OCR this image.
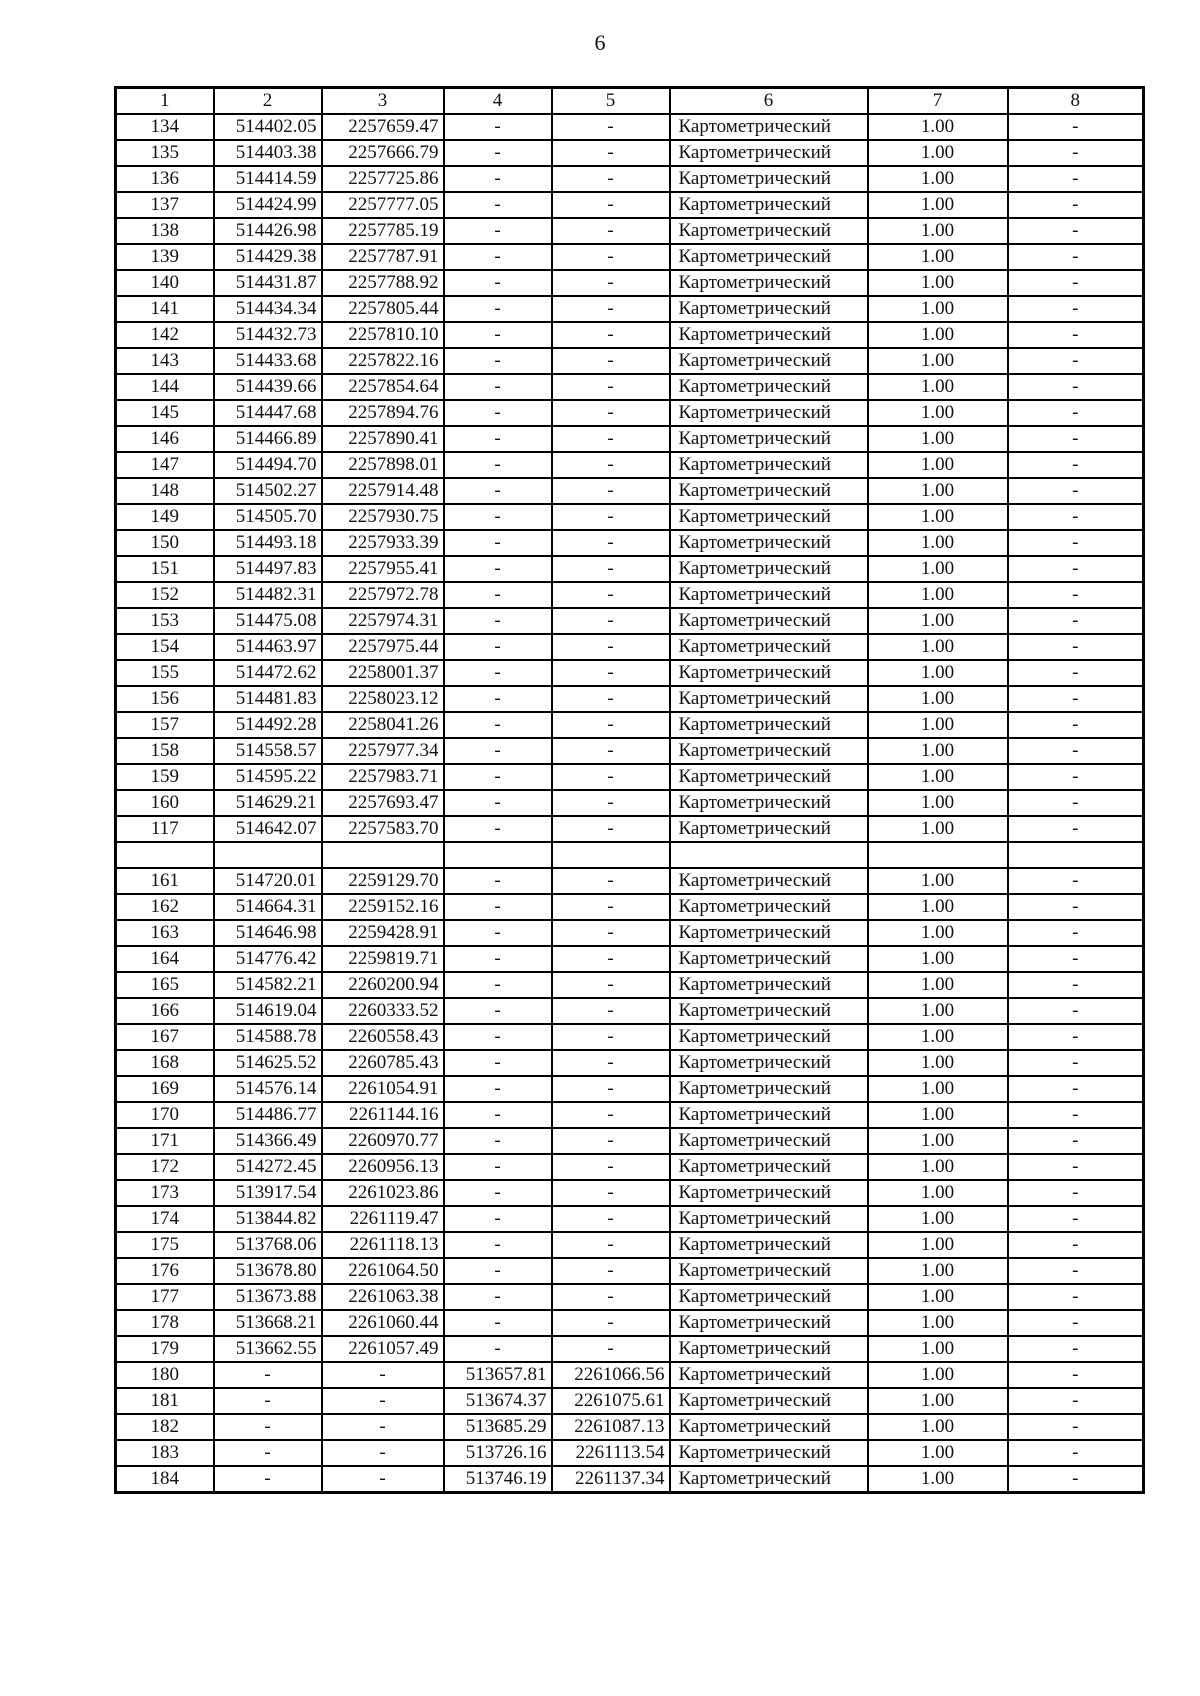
6
1	2	3	4	5	6	7	8
134	514402.05	2257659.47	-	-	Картометрический	1.00	-
135	514403.38	2257666.79	-	-	Картометрический	1.00	-
136	514414.59	2257725.86	-	-	Картометрический	1.00	-
137	514424.99	2257777.05	-	-	Картометрический	1.00	-
138	514426.98	2257785.19	-	-	Картометрический	1.00	-
139	514429.38	2257787.91	-	-	Картометрический	1.00	-
140	514431.87	2257788.92	-	-	Картометрический	1.00	-
141	514434.34	2257805.44	-	-	Картометрический	1.00	-
142	514432.73	2257810.10	-	-	Картометрический	1.00	-
143	514433.68	2257822.16	-	-	Картометрический	1.00	-
144	514439.66	2257854.64	-	-	Картометрический	1.00	-
145	514447.68	2257894.76	-	-	Картометрический	1.00	-
146	514466.89	2257890.41	-	-	Картометрический	1.00	-
147	514494.70	2257898.01	-	-	Картометрический	1.00	-
148	514502.27	2257914.48	-	-	Картометрический	1.00	-
149	514505.70	2257930.75	-	-	Картометрический	1.00	-
150	514493.18	2257933.39	-	-	Картометрический	1.00	-
151	514497.83	2257955.41	-	-	Картометрический	1.00	-
152	514482.31	2257972.78	-	-	Картометрический	1.00	-
153	514475.08	2257974.31	-	-	Картометрический	1.00	-
154	514463.97	2257975.44	-	-	Картометрический	1.00	-
155	514472.62	2258001.37	-	-	Картометрический	1.00	-
156	514481.83	2258023.12	-	-	Картометрический	1.00	-
157	514492.28	2258041.26	-	-	Картометрический	1.00	-
158	514558.57	2257977.34	-	-	Картометрический	1.00	-
159	514595.22	2257983.71	-	-	Картометрический	1.00	-
160	514629.21	2257693.47	-	-	Картометрический	1.00	-
117	514642.07	2257583.70	-	-	Картометрический	1.00	-

161	514720.01	2259129.70	-	-	Картометрический	1.00	-
162	514664.31	2259152.16	-	-	Картометрический	1.00	-
163	514646.98	2259428.91	-	-	Картометрический	1.00	-
164	514776.42	2259819.71	-	-	Картометрический	1.00	-
165	514582.21	2260200.94	-	-	Картометрический	1.00	-
166	514619.04	2260333.52	-	-	Картометрический	1.00	-
167	514588.78	2260558.43	-	-	Картометрический	1.00	-
168	514625.52	2260785.43	-	-	Картометрический	1.00	-
169	514576.14	2261054.91	-	-	Картометрический	1.00	-
170	514486.77	2261144.16	-	-	Картометрический	1.00	-
171	514366.49	2260970.77	-	-	Картометрический	1.00	-
172	514272.45	2260956.13	-	-	Картометрический	1.00	-
173	513917.54	2261023.86	-	-	Картометрический	1.00	-
174	513844.82	2261119.47	-	-	Картометрический	1.00	-
175	513768.06	2261118.13	-	-	Картометрический	1.00	-
176	513678.80	2261064.50	-	-	Картометрический	1.00	-
177	513673.88	2261063.38	-	-	Картометрический	1.00	-
178	513668.21	2261060.44	-	-	Картометрический	1.00	-
179	513662.55	2261057.49	-	-	Картометрический	1.00	-
180	-	-	513657.81	2261066.56	Картометрический	1.00	-
181	-	-	513674.37	2261075.61	Картометрический	1.00	-
182	-	-	513685.29	2261087.13	Картометрический	1.00	-
183	-	-	513726.16	2261113.54	Картометрический	1.00	-
184	-	-	513746.19	2261137.34	Картометрический	1.00	-
